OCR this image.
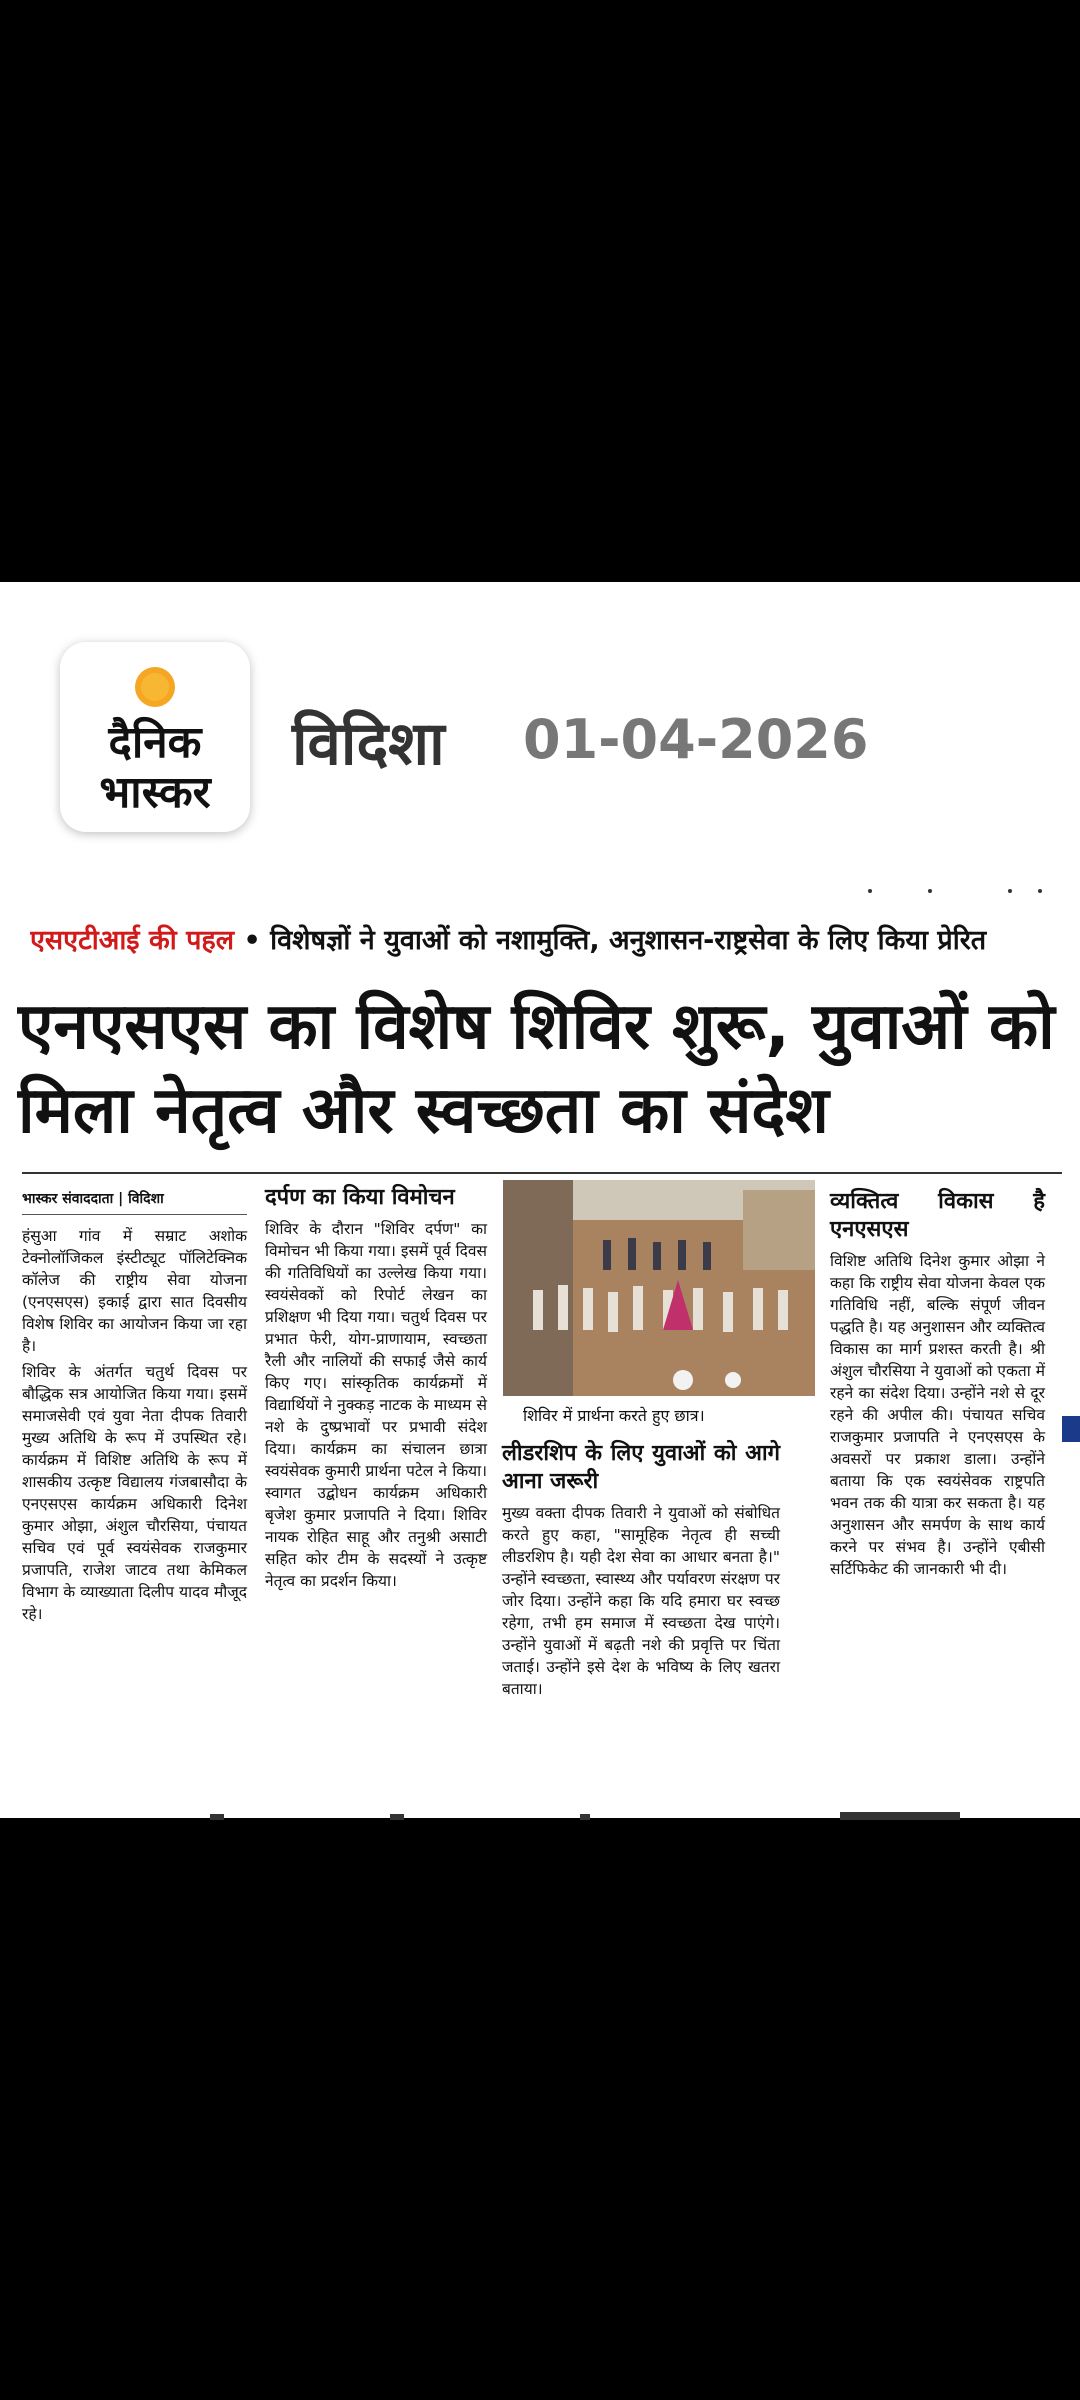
दैनिक
भास्कर
विदिशा 01-04-2026
एसएटीआई की पहल • विशेषज्ञों ने युवाओं को नशामुक्ति, अनुशासन-राष्ट्रसेवा के लिए किया प्रेरित
एनएसएस का विशेष शिविर शुरू, युवाओं को मिला नेतृत्व और स्वच्छता का संदेश
भास्कर संवाददाता | विदिशा

हंसुआ गांव में सम्राट अशोक टेक्नोलॉजिकल इंस्टीट्यूट पॉलिटेक्निक कॉलेज की राष्ट्रीय सेवा योजना (एनएसएस) इकाई द्वारा सात दिवसीय विशेष शिविर का आयोजन किया जा रहा है।

शिविर के अंतर्गत चतुर्थ दिवस पर बौद्धिक सत्र आयोजित किया गया। इसमें समाजसेवी एवं युवा नेता दीपक तिवारी मुख्य अतिथि के रूप में उपस्थित रहे। कार्यक्रम में विशिष्ट अतिथि के रूप में शासकीय उत्कृष्ट विद्यालय गंजबासौदा के एनएसएस कार्यक्रम अधिकारी दिनेश कुमार ओझा, अंशुल चौरसिया, पंचायत सचिव एवं पूर्व स्वयंसेवक राजकुमार प्रजापति, राजेश जाटव तथा केमिकल विभाग के व्याख्याता दिलीप यादव मौजूद रहे।

दर्पण का किया विमोचन

शिविर के दौरान "शिविर दर्पण" का विमोचन भी किया गया। इसमें पूर्व दिवस की गतिविधियों का उल्लेख किया गया। स्वयंसेवकों को रिपोर्ट लेखन का प्रशिक्षण भी दिया गया। चतुर्थ दिवस पर प्रभात फेरी, योग-प्राणायाम, स्वच्छता रैली और नालियों की सफाई जैसे कार्य किए गए। सांस्कृतिक कार्यक्रमों में विद्यार्थियों ने नुक्कड़ नाटक के माध्यम से नशे के दुष्प्रभावों पर प्रभावी संदेश दिया। कार्यक्रम का संचालन छात्रा स्वयंसेवक कुमारी प्रार्थना पटेल ने किया। स्वागत उद्बोधन कार्यक्रम अधिकारी बृजेश कुमार प्रजापति ने दिया। शिविर नायक रोहित साहू और तनुश्री असाटी सहित कोर टीम के सदस्यों ने उत्कृष्ट नेतृत्व का प्रदर्शन किया।

शिविर में प्रार्थना करते हुए छात्र।
लीडरशिप के लिए युवाओं को आगे आना जरूरी

मुख्य वक्ता दीपक तिवारी ने युवाओं को संबोधित करते हुए कहा, "सामूहिक नेतृत्व ही सच्ची लीडरशिप है। यही देश सेवा का आधार बनता है।" उन्होंने स्वच्छता, स्वास्थ्य और पर्यावरण संरक्षण पर जोर दिया। उन्होंने कहा कि यदि हमारा घर स्वच्छ रहेगा, तभी हम समाज में स्वच्छता देख पाएंगे। उन्होंने युवाओं में बढ़ती नशे की प्रवृत्ति पर चिंता जताई। उन्होंने इसे देश के भविष्य के लिए खतरा बताया।

व्यक्तित्व विकास है एनएसएस

विशिष्ट अतिथि दिनेश कुमार ओझा ने कहा कि राष्ट्रीय सेवा योजना केवल एक गतिविधि नहीं, बल्कि संपूर्ण जीवन पद्धति है। यह अनुशासन और व्यक्तित्व विकास का मार्ग प्रशस्त करती है। श्री अंशुल चौरसिया ने युवाओं को एकता में रहने का संदेश दिया। उन्होंने नशे से दूर रहने की अपील की। पंचायत सचिव राजकुमार प्रजापति ने एनएसएस के अवसरों पर प्रकाश डाला। उन्होंने बताया कि एक स्वयंसेवक राष्ट्रपति भवन तक की यात्रा कर सकता है। यह अनुशासन और समर्पण के साथ कार्य करने पर संभव है। उन्होंने एबीसी सर्टिफिकेट की जानकारी भी दी।
